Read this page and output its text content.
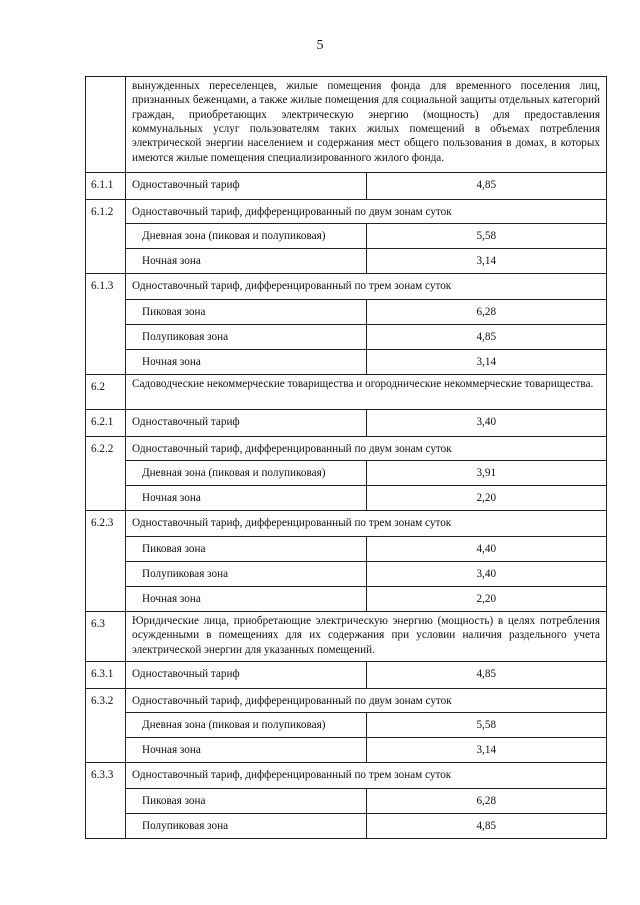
5
	вынужденных переселенцев, жилые помещения фонда для временного поселения лиц, признанных беженцами, а также жилые помещения для социальной защиты отдельных категорий граждан, приобретающих электрическую энергию (мощность) для предоставления коммунальных услуг пользователям таких жилых помещений в объемах потребления электрической энергии населением и содержания мест общего пользования в домах, в которых имеются жилые помещения специализированного жилого фонда.	
6.1.1	Одноставочный тариф	4,85
6.1.2	Одноставочный тариф, дифференцированный по двум зонам суток	
	Дневная зона (пиковая и полупиковая)	5,58
	Ночная зона	3,14
6.1.3	Одноставочный тариф, дифференцированный по трем зонам суток	
	Пиковая зона	6,28
	Полупиковая зона	4,85
	Ночная зона	3,14
6.2	Садоводческие некоммерческие товарищества и огороднические некоммерческие товарищества.	
6.2.1	Одноставочный тариф	3,40
6.2.2	Одноставочный тариф, дифференцированный по двум зонам суток	
	Дневная зона (пиковая и полупиковая)	3,91
	Ночная зона	2,20
6.2.3	Одноставочный тариф, дифференцированный по трем зонам суток	
	Пиковая зона	4,40
	Полупиковая зона	3,40
	Ночная зона	2,20
6.3	Юридические лица, приобретающие электрическую энергию (мощность) в целях потребления осужденными в помещениях для их содержания при условии наличия раздельного учета электрической энергии для указанных помещений.	
6.3.1	Одноставочный тариф	4,85
6.3.2	Одноставочный тариф, дифференцированный по двум зонам суток	
	Дневная зона (пиковая и полупиковая)	5,58
	Ночная зона	3,14
6.3.3	Одноставочный тариф, дифференцированный по трем зонам суток	
	Пиковая зона	6,28
	Полупиковая зона	4,85
